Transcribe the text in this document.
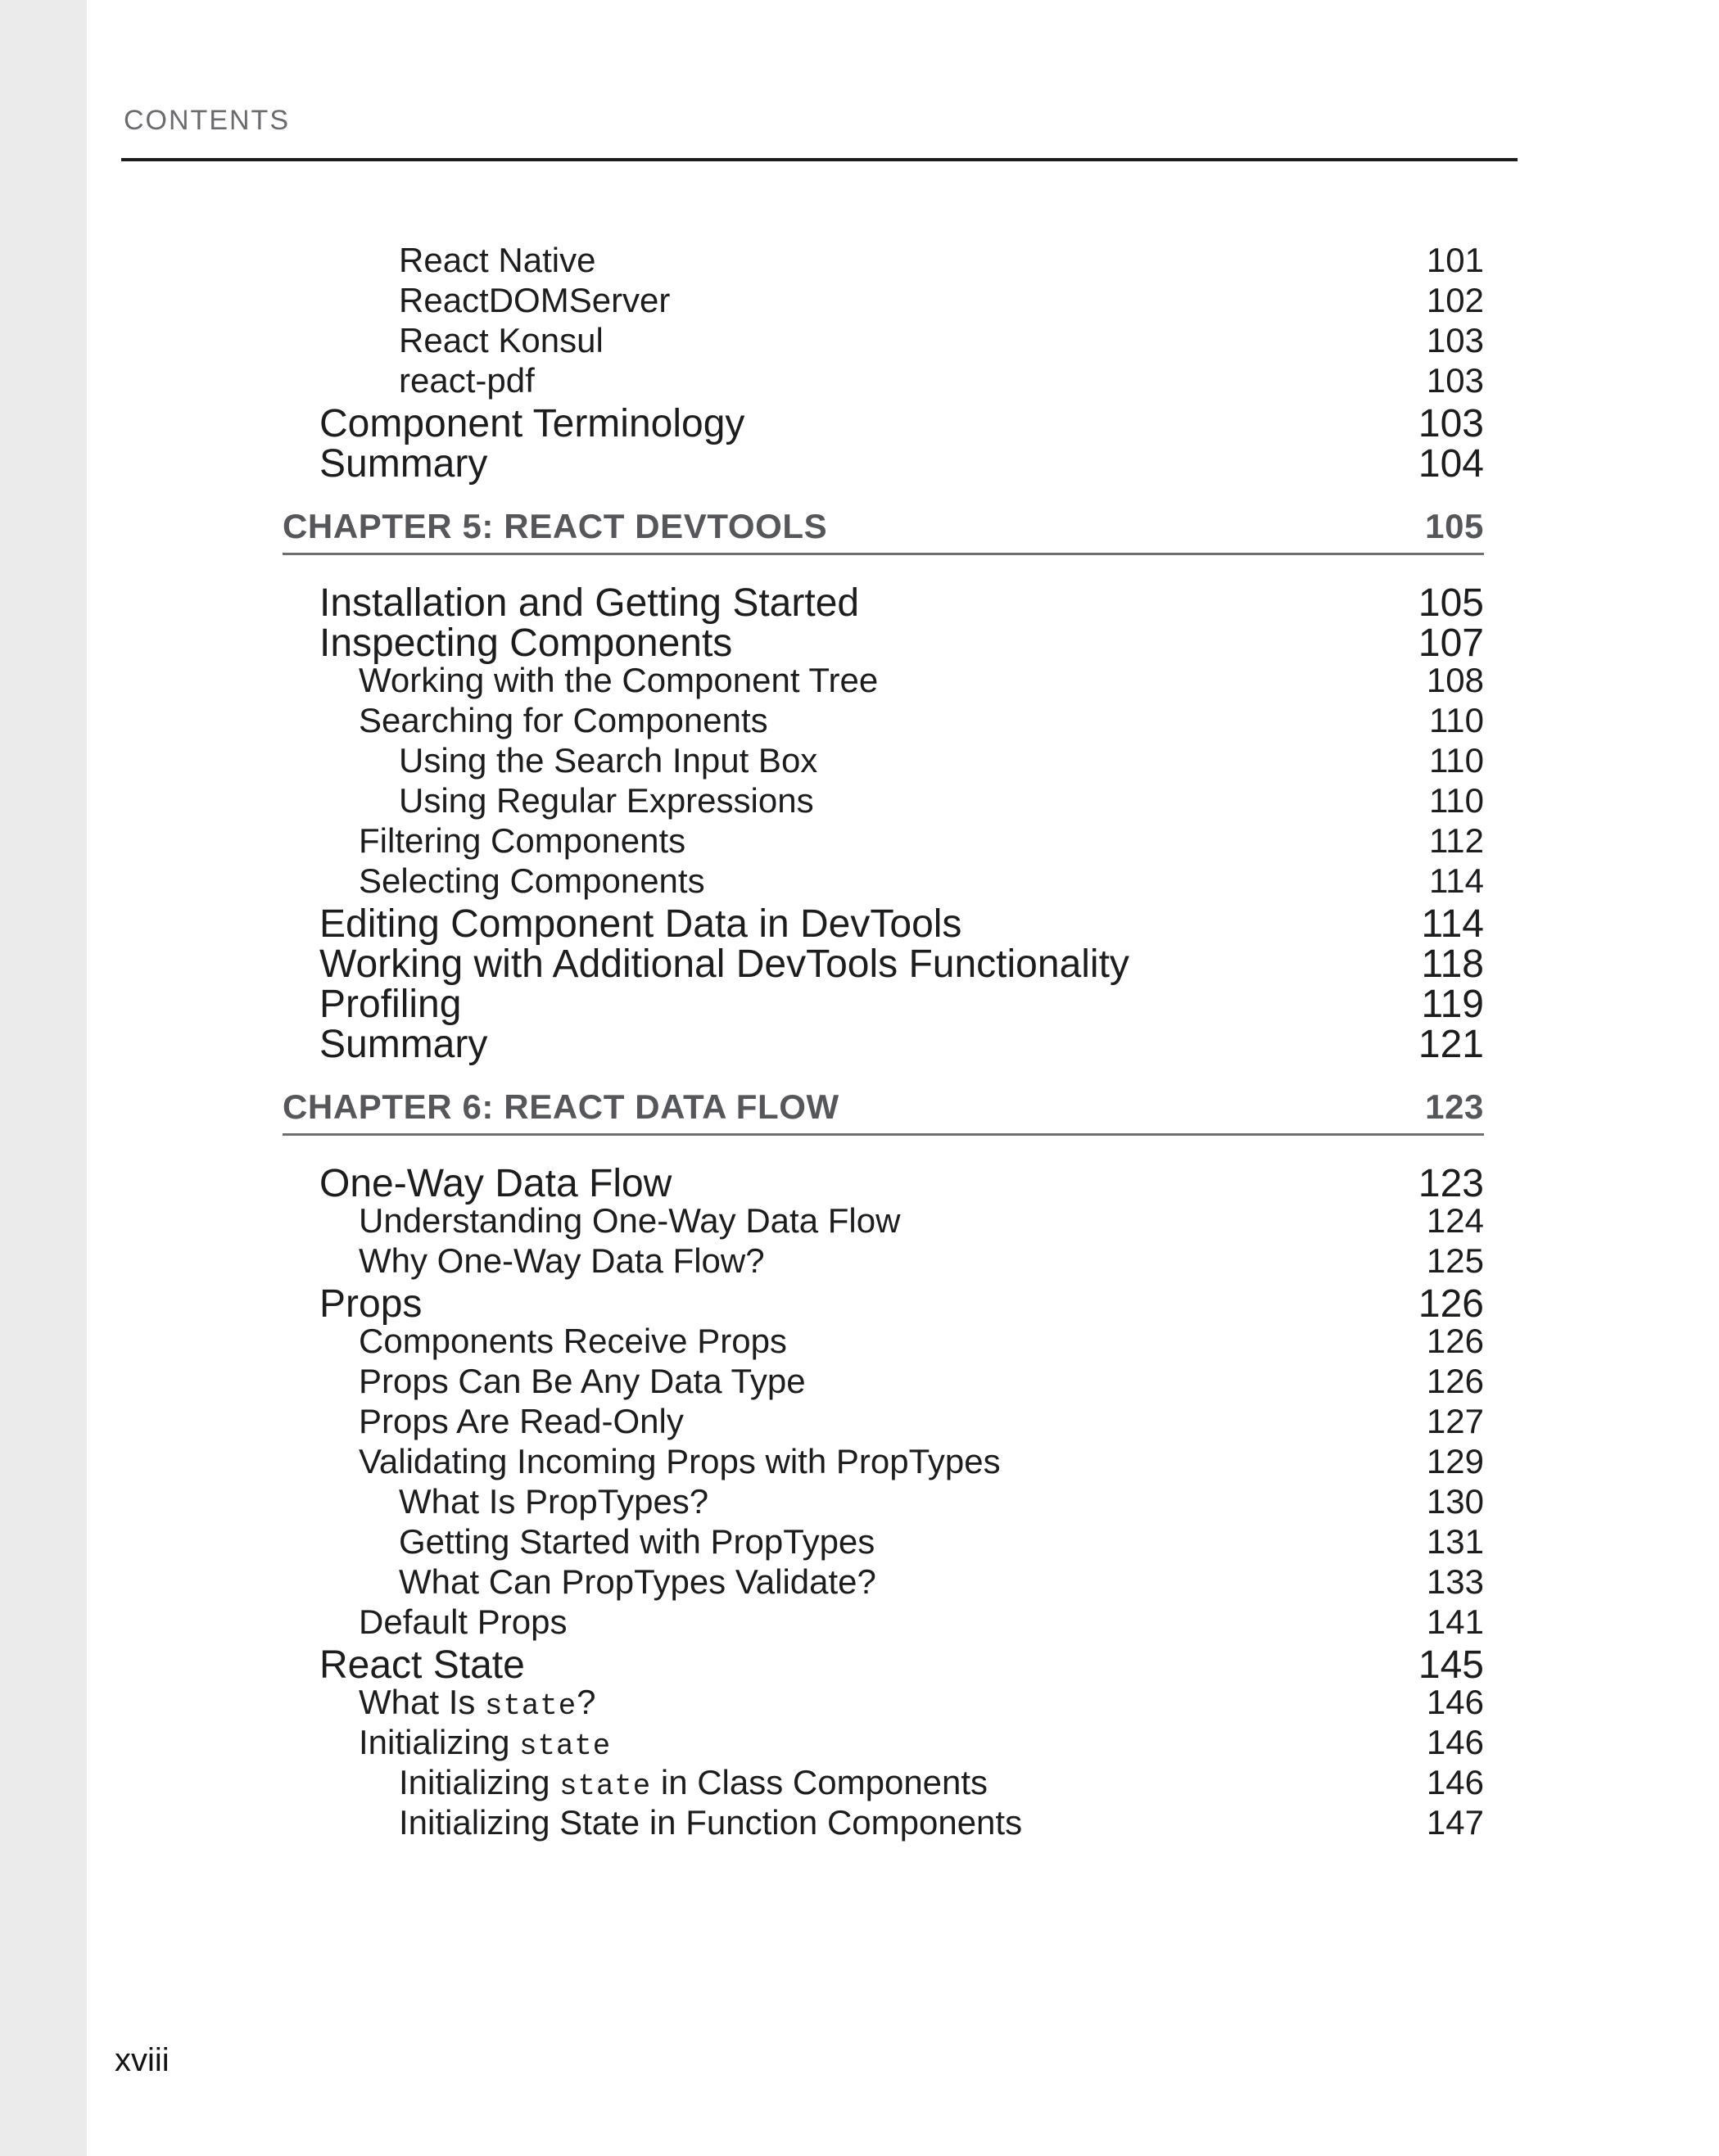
CONTENTS
React Native	101
ReactDOMServer	102
React Konsul	103
react-pdf	103
Component Terminology	103
Summary	104
CHAPTER 5: REACT DEVTOOLS	105
Installation and Getting Started	105
Inspecting Components	107
Working with the Component Tree	108
Searching for Components	110
Using the Search Input Box	110
Using Regular Expressions	110
Filtering Components	112
Selecting Components	114
Editing Component Data in DevTools	114
Working with Additional DevTools Functionality	118
Profiling	119
Summary	121
CHAPTER 6: REACT DATA FLOW	123
One-Way Data Flow	123
Understanding One-Way Data Flow	124
Why One-Way Data Flow?	125
Props	126
Components Receive Props	126
Props Can Be Any Data Type	126
Props Are Read-Only	127
Validating Incoming Props with PropTypes	129
What Is PropTypes?	130
Getting Started with PropTypes	131
What Can PropTypes Validate?	133
Default Props	141
React State	145
What Is state?	146
Initializing state	146
Initializing state in Class Components	146
Initializing State in Function Components	147
xviii
